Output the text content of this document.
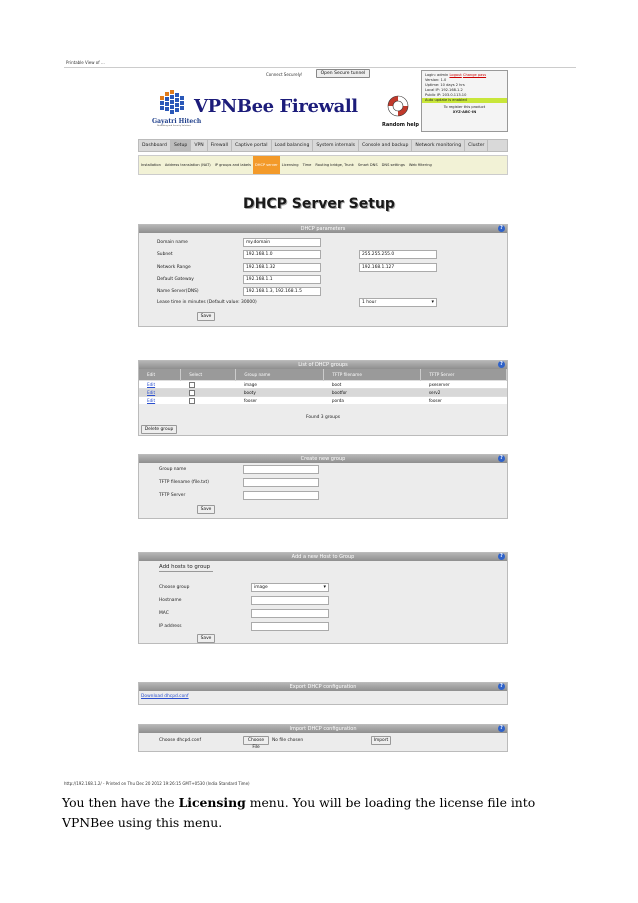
Printable View of ...
Gayatri Hitech
Netwoking and Security Solutions
VPNBee Firewall
Connect Securely!	Open Secure tunnel
Random help
Login: admin Logout Change pass
Version: 1.0
Uptime: 10 days 2 hrs
Local IP: 192.168.1.2
Public IP: 203.0.113.10
Auto update is enabled
To register this product
XYZ-ABC-IN
Dashboard	Setup	VPN	Firewall	Captive portal	Load balancing	System internals	Console and backup	Network monitoring	Cluster
Installation	Address translation (NAT)	IP groups and labels	DHCP server	Licensing	Time	Routing bridge, Trunk	Smart DNS	DNS settings	Web filtering
DHCP Server Setup
DHCP parameters	?
Domain name	my.domain
Subnet	192.168.1.0	255.255.255.0
Network Range	192.168.1.32	192.168.1.127
Default Gateway	192.168.1.1
Name Server(DNS)	192.168.1.3, 192.168.1.5
Lease time in minutes (Default value: 30000)	1 hour ▾
Save
List of DHCP groups	?
Edit	Select	Group name	TFTP filename	TFTP Server
Edit		image	boot	pxeserver
Edit		booty	bootfor	serv2
Edit		fooser	porda	fooser
Found 3 groups
Delete group
Create new group	?
Group name
TFTP filename (file.txt)
TFTP Server
Save
Add a new Host to Group	?
Add hosts to group
Choose group	image ▾
Hostname
MAC
IP address
Save
Export DHCP configuration	?
Download dhcpd.conf
Import DHCP configuration	?
Choose dhcpd.conf	Choose File
No file chosen	Import
http://192.168.1.2/ - Printed on Thu Dec 20 2012 19:26:15 GMT+0530 (India Standard Time)
You then have the Licensing menu. You will be loading the license file into VPNBee using this menu.
